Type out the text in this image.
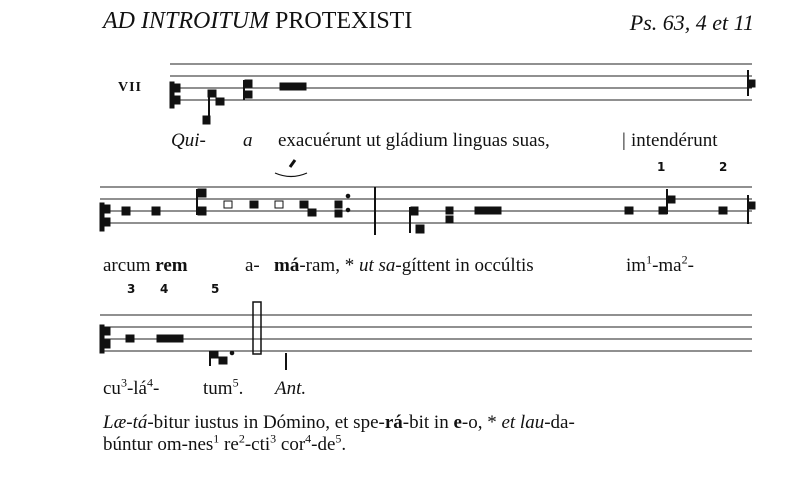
AD INTROITUM PROTEXISTI	Ps. 63, 4 et 11
VII
Qui- a exacuérunt ut gládium linguas suas,	| intendérunt
1	2
arcum rem	a- má-ram, * ut sa-gíttent in occúltis	$im^1-ma^2-$
3 4	5
$cu^3-lá^4-$ tum$^5$. Ant.
Læ-tá-bitur iustus in Dómino, et spe-rá-bit in e-o, * et lau-da-
búntur om-nes$^1$ $re^2-cti^3$ $cor^4-de^5$.
